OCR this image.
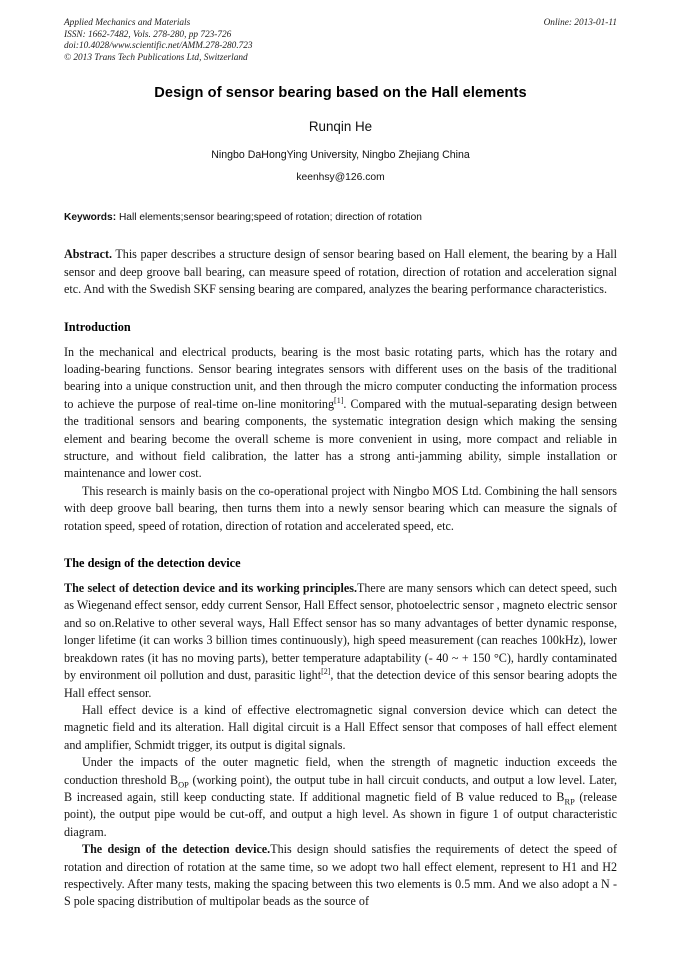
Online: 2013-01-11
Applied Mechanics and Materials
ISSN: 1662-7482, Vols. 278-280, pp 723-726
doi:10.4028/www.scientific.net/AMM.278-280.723
© 2013 Trans Tech Publications Ltd, Switzerland
Design of sensor bearing based on the Hall elements
Runqin He
Ningbo DaHongYing University, Ningbo Zhejiang China
keenhsy@126.com
Keywords: Hall elements;sensor bearing;speed of rotation; direction of rotation
Abstract. This paper describes a structure design of sensor bearing based on Hall element, the bearing by a Hall sensor and deep groove ball bearing, can measure speed of rotation, direction of rotation and acceleration signal etc. And with the Swedish SKF sensing bearing are compared, analyzes the bearing performance characteristics.
Introduction
In the mechanical and electrical products, bearing is the most basic rotating parts, which has the rotary and loading-bearing functions. Sensor bearing integrates sensors with different uses on the basis of the traditional bearing into a unique construction unit, and then through the micro computer conducting the information process to achieve the purpose of real-time on-line monitoring[1]. Compared with the mutual-separating design between the traditional sensors and bearing components, the systematic integration design which making the sensing element and bearing become the overall scheme is more convenient in using, more compact and reliable in structure, and without field calibration, the latter has a strong anti-jamming ability, simple installation or maintenance and lower cost.
This research is mainly basis on the co-operational project with Ningbo MOS Ltd. Combining the hall sensors with deep groove ball bearing, then turns them into a newly sensor bearing which can measure the signals of rotation speed, speed of rotation, direction of rotation and accelerated speed, etc.
The design of the detection device
The select of detection device and its working principles.There are many sensors which can detect speed, such as Wiegenand effect sensor, eddy current Sensor, Hall Effect sensor, photoelectric sensor , magneto electric sensor and so on.Relative to other several ways, Hall Effect sensor has so many advantages of better dynamic response, longer lifetime (it can works 3 billion times continuously), high speed measurement (can reaches 100kHz), lower breakdown rates (it has no moving parts), better temperature adaptability (- 40 ~ + 150 °C), hardly contaminated by environment oil pollution and dust, parasitic light[2], that the detection device of this sensor bearing adopts the Hall effect sensor.
Hall effect device is a kind of effective electromagnetic signal conversion device which can detect the magnetic field and its alteration. Hall digital circuit is a Hall Effect sensor that composes of hall effect element and amplifier, Schmidt trigger, its output is digital signals.
Under the impacts of the outer magnetic field, when the strength of magnetic induction exceeds the conduction threshold $B_{OP}$ (working point), the output tube in hall circuit conducts, and output a low level. Later, B increased again, still keep conducting state. If additional magnetic field of B value reduced to $B_{RP}$ (release point), the output pipe would be cut-off, and output a high level. As shown in figure 1 of output characteristic diagram.
The design of the detection device.This design should satisfies the requirements of detect the speed of rotation and direction of rotation at the same time, so we adopt two hall effect element, represent to H1 and H2 respectively. After many tests, making the spacing between this two elements is 0.5 mm. And we also adopt a N - S pole spacing distribution of multipolar beads as the source of
